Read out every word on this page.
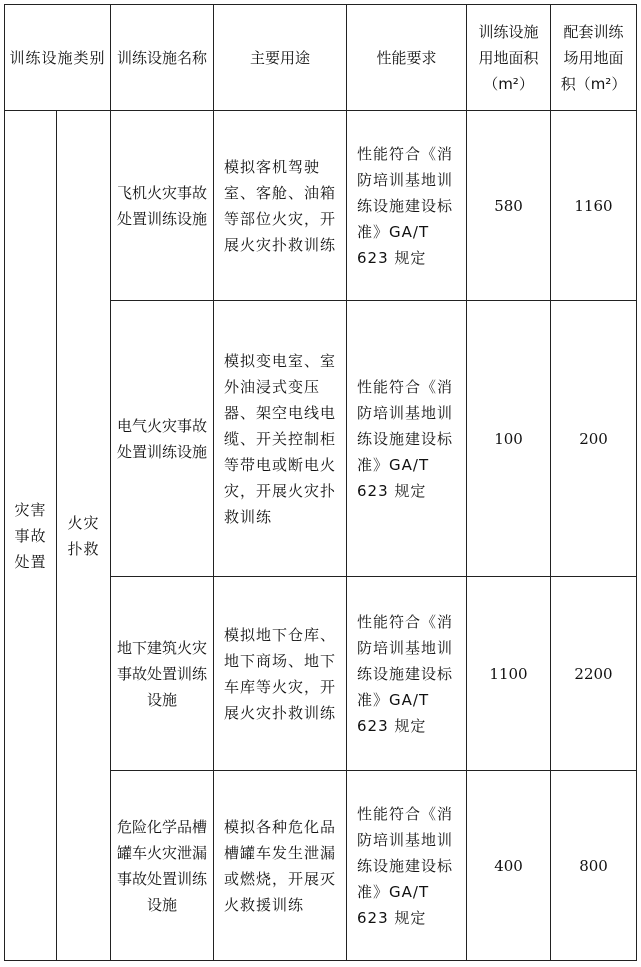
训练设施类别		训练设施名称	主要用途	性能要求	训练设施用地面积（m²）	配套训练场用地面积（m²）
灾害事故处置	火灾扑救	飞机火灾事故处置训练设施	模拟客机驾驶室、客舱、油箱等部位火灾，开展火灾扑救训练	性能符合《消防培训基地训练设施建设标准》GA/T 623 规定	580	1160
		电气火灾事故处置训练设施	模拟变电室、室外油浸式变压器、架空电线电缆、开关控制柜等带电或断电火灾，开展火灾扑救训练	性能符合《消防培训基地训练设施建设标准》GA/T 623 规定	100	200
		地下建筑火灾事故处置训练设施	模拟地下仓库、地下商场、地下车库等火灾，开展火灾扑救训练	性能符合《消防培训基地训练设施建设标准》GA/T 623 规定	1100	2200
		危险化学品槽罐车火灾泄漏事故处置训练设施	模拟各种危化品槽罐车发生泄漏或燃烧，开展灭火救援训练	性能符合《消防培训基地训练设施建设标准》GA/T 623 规定	400	800
